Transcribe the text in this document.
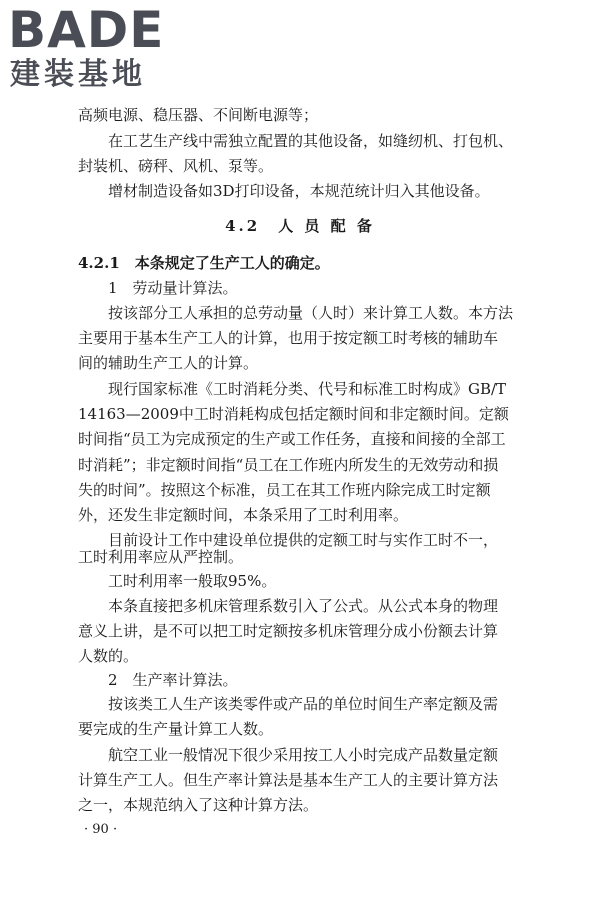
BADE
建装基地
高频电源、稳压器、不间断电源等；
在工艺生产线中需独立配置的其他设备，如缝纫机、打包机、
封装机、磅秤、风机、泵等。
增材制造设备如3D打印设备，本规范统计归入其他设备。
4.2　人 员 配 备
4.2.1　本条规定了生产工人的确定。
1　劳动量计算法。
按该部分工人承担的总劳动量（人时）来计算工人数。本方法
主要用于基本生产工人的计算，也用于按定额工时考核的辅助车
间的辅助生产工人的计算。
现行国家标准《工时消耗分类、代号和标准工时构成》GB/T
14163—2009中工时消耗构成包括定额时间和非定额时间。定额
时间指“员工为完成预定的生产或工作任务，直接和间接的全部工
时消耗”；非定额时间指“员工在工作班内所发生的无效劳动和损
失的时间”。按照这个标准，员工在其工作班内除完成工时定额
外，还发生非定额时间，本条采用了工时利用率。
目前设计工作中建设单位提供的定额工时与实作工时不一，
工时利用率应从严控制。
工时利用率一般取95%。
本条直接把多机床管理系数引入了公式。从公式本身的物理
意义上讲，是不可以把工时定额按多机床管理分成小份额去计算
人数的。
2　生产率计算法。
按该类工人生产该类零件或产品的单位时间生产率定额及需
要完成的生产量计算工人数。
航空工业一般情况下很少采用按工人小时完成产品数量定额
计算生产工人。但生产率计算法是基本生产工人的主要计算方法
之一，本规范纳入了这种计算方法。
· 90 ·
